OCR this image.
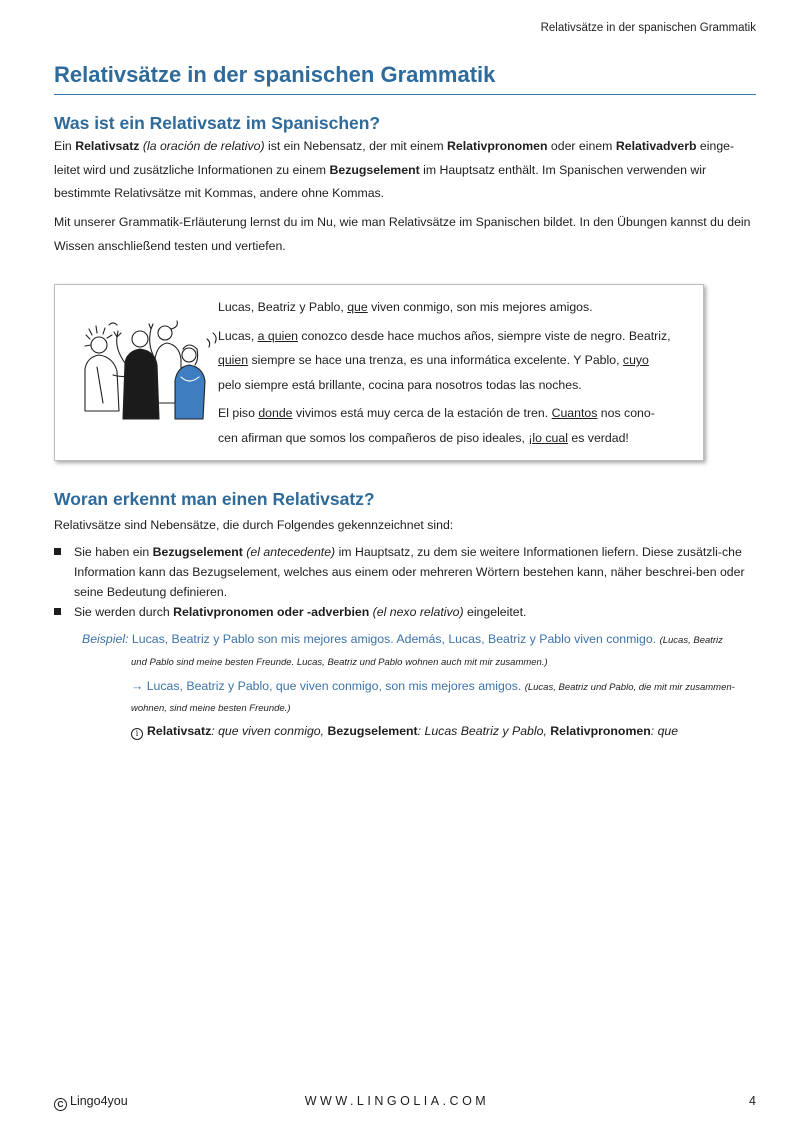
Relativsätze in der spanischen Grammatik
Relativsätze in der spanischen Grammatik
Was ist ein Relativsatz im Spanischen?

Ein Relativsatz (la oración de relativo) ist ein Nebensatz, der mit einem Relativpronomen oder einem Relativadverb einge-leitet wird und zusätzliche Informationen zu einem Bezugselement im Hauptsatz enthält. Im Spanischen verwenden wir bestimmte Relativsätze mit Kommas, andere ohne Kommas.

Mit unserer Grammatik-Erläuterung lernst du im Nu, wie man Relativsätze im Spanischen bildet. In den Übungen kannst du dein Wissen anschließend testen und vertiefen.

Lucas, Beatriz y Pablo, que viven conmigo, son mis mejores amigos.
Lucas, a quien conozco desde hace muchos años, siempre viste de negro. Beatriz,
quien siempre se hace una trenza, es una informática excelente. Y Pablo, cuyo
pelo siempre está brillante, cocina para nosotros todas las noches.
El piso donde vivimos está muy cerca de la estación de tren. Cuantos nos cono-
cen afirman que somos los compañeros de piso ideales, ¡lo cual es verdad!
Woran erkennt man einen Relativsatz?

Relativsätze sind Nebensätze, die durch Folgendes gekennzeichnet sind:

Sie haben ein Bezugselement (el antecedente) im Hauptsatz, zu dem sie weitere Informationen liefern. Diese zusätzli-che Information kann das Bezugselement, welches aus einem oder mehreren Wörtern bestehen kann, näher beschrei-ben oder seine Bedeutung definieren.
Sie werden durch Relativpronomen oder -adverbien (el nexo relativo) eingeleitet.
Beispiel: Lucas, Beatriz y Pablo son mis mejores amigos. Además, Lucas, Beatriz y Pablo viven conmigo. (Lucas, Beatriz
und Pablo sind meine besten Freunde. Lucas, Beatriz und Pablo wohnen auch mit mir zusammen.)
→ Lucas, Beatriz y Pablo, que viven conmigo, son mis mejores amigos. (Lucas, Beatriz und Pablo, die mit mir zusammen-
wohnen, sind meine besten Freunde.)
i Relativsatz: que viven conmigo, Bezugselement: Lucas Beatriz y Pablo, Relativpronomen: que
C Lingo4you	WWW.LINGOLIA.COM	4
